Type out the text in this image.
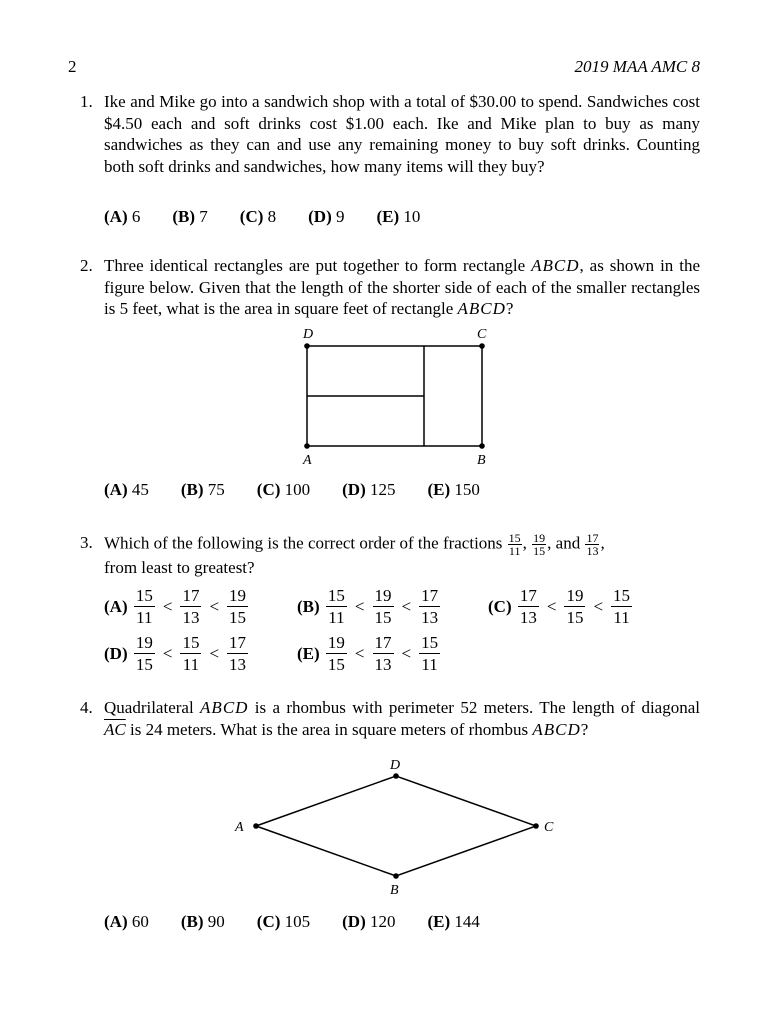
2	2019 MAA AMC 8
1. Ike and Mike go into a sandwich shop with a total of $30.00 to spend. Sandwiches cost $4.50 each and soft drinks cost $1.00 each. Ike and Mike plan to buy as many sandwiches as they can and use any remaining money to buy soft drinks. Counting both soft drinks and sandwiches, how many items will they buy?
(A) 6 (B) 7 (C) 8 (D) 9 (E) 10
2. Three identical rectangles are put together to form rectangle ABCD, as shown in the figure below. Given that the length of the shorter side of each of the smaller rectangles is 5 feet, what is the area in square feet of rectangle ABCD?
D	C
A	B
(A) 45 (B) 75 (C) 100 (D) 125 (E) 150
3. Which of the following is the correct order of the fractions $\frac{15}{11}$ , $\frac{19}{15}$ , and $\frac{17}{13}$ ,
from least to greatest?
(A)
$\frac{15}{11} < \frac{17}{13} < \frac{19}{15}$	(B)
$\frac{15}{11} < \frac{19}{15} < \frac{17}{13}$	(C)
$\frac{17}{13} < \frac{19}{15} < \frac{15}{11}$
(D)
$\frac{19}{15} < \frac{15}{11} < \frac{17}{13}$	(E)
$\frac{19}{15} < \frac{17}{13} < \frac{15}{11}$
4. Quadrilateral ABCD is a rhombus with perimeter 52 meters. The length of diagonal $\overline{AC}$ is 24 meters. What is the area in square meters of rhombus ABCD?
D
A	C
B
(A) 60 (B) 90 (C) 105 (D) 120 (E) 144
